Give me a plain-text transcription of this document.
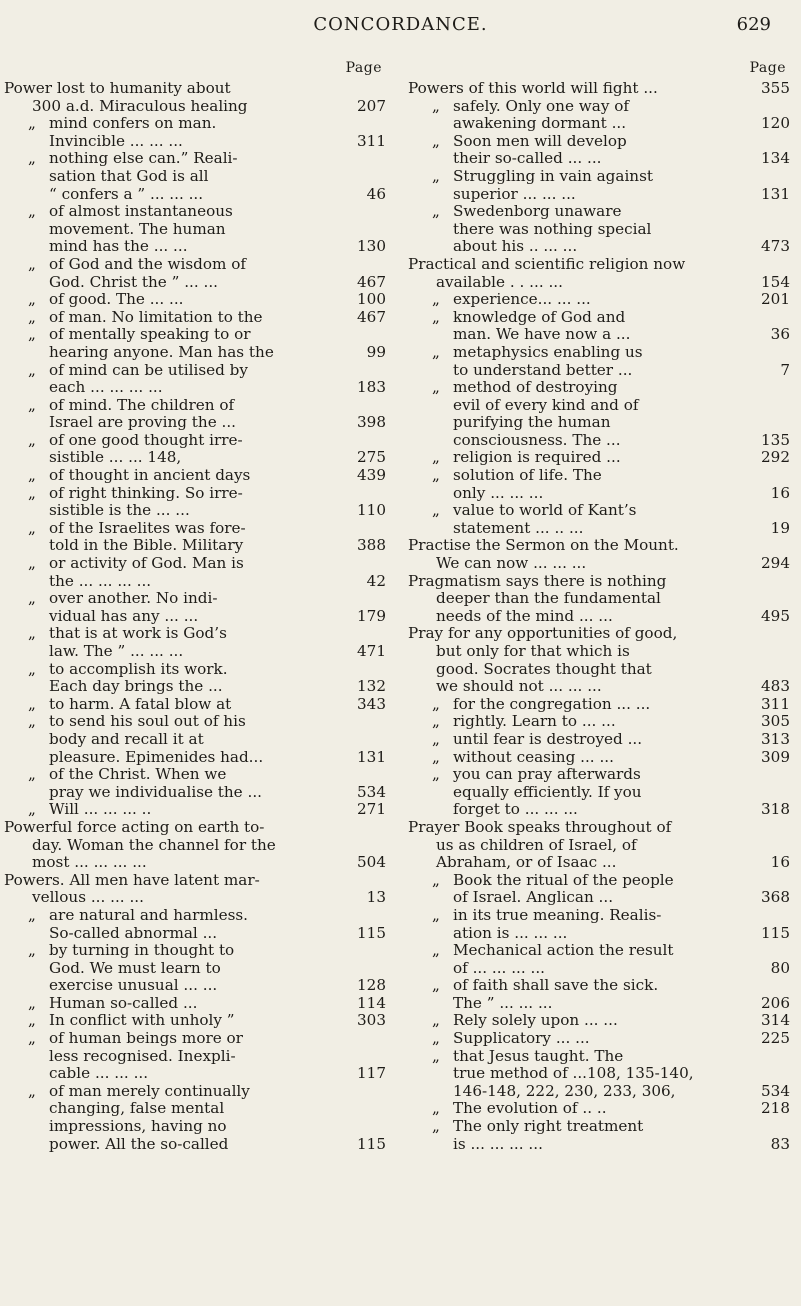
CONCORDANCE.	629
Page
Power lost to humanity about
300 a.d. Miraculous healing	207
„ mind confers on man.
Invincible ... ... ...	311
„ nothing else can.” Reali-
sation that God is all
“ confers a ” ... ... ...	46
„ of almost instantaneous
movement. The human
mind has the ... ...	130
„ of God and the wisdom of
God. Christ the ” ... ...	467
„ of good. The ... ...	100
„ of man. No limitation to the	467
„ of mentally speaking to or
hearing anyone. Man has the	99
„ of mind can be utilised by
each ... ... ... ...	183
„ of mind. The children of
Israel are proving the ...	398
„ of one good thought irre-
sistible ... ... 148,	275
„ of thought in ancient days	439
„ of right thinking. So irre-
sistible is the ... ...	110
„ of the Israelites was fore-
told in the Bible. Military	388
„ or activity of God. Man is
the ... ... ... ...	42
„ over another. No indi-
vidual has any ... ...	179
„ that is at work is God’s
law. The ” ... ... ...	471
„ to accomplish its work.
Each day brings the ...	132
„ to harm. A fatal blow at	343
„ to send his soul out of his
body and recall it at
pleasure. Epimenides had...	131
„ of the Christ. When we
pray we individualise the ...	534
„ Will ... ... ... ..	271
Powerful force acting on earth to-
day. Woman the channel for the
most ... ... ... ...	504
Powers. All men have latent mar-
vellous ... ... ...	13
„ are natural and harmless.
So-called abnormal ...	115
„ by turning in thought to
God. We must learn to
exercise unusual ... ...	128
„ Human so-called ...	114
„ In conflict with unholy ”	303
„ of human beings more or
less recognised. Inexpli-
cable ... ... ...	117
„ of man merely continually
changing, false mental
impressions, having no
power. All the so-called	115
Page
Powers of this world will fight ...	355
„ safely. Only one way of
awakening dormant ...	120
„ Soon men will develop
their so-called ... ...	134
„ Struggling in vain against
superior ... ... ...	131
„ Swedenborg unaware
there was nothing special
about his .. ... ...	473
Practical and scientific religion now
available . . ... ...	154
„ experience... ... ...	201
„ knowledge of God and
man. We have now a ...	36
„ metaphysics enabling us
to understand better ...	7
„ method of destroying
evil of every kind and of
purifying the human
consciousness. The ...	135
„ religion is required ...	292
„ solution of life. The
only ... ... ...	16
„ value to world of Kant’s
statement ... .. ...	19
Practise the Sermon on the Mount.
We can now ... ... ...	294
Pragmatism says there is nothing
deeper than the fundamental
needs of the mind ... ...	495
Pray for any opportunities of good,
but only for that which is
good. Socrates thought that
we should not ... ... ...	483
„ for the congregation ... ...	311
„ rightly. Learn to ... ...	305
„ until fear is destroyed ...	313
„ without ceasing ... ...	309
„ you can pray afterwards
equally efficiently. If you
forget to ... ... ...	318
Prayer Book speaks throughout of
us as children of Israel, of
Abraham, or of Isaac ...	16
„ Book the ritual of the people
of Israel. Anglican ...	368
„ in its true meaning. Realis-
ation is ... ... ...	115
„ Mechanical action the result
of ... ... ... ...	80
„ of faith shall save the sick.
The ” ... ... ...	206
„ Rely solely upon ... ...	314
„ Supplicatory ... ...	225
„ that Jesus taught. The
true method of ...108, 135-140,
146-148, 222, 230, 233, 306,	534
„ The evolution of .. ..	218
„ The only right treatment
is ... ... ... ...	83
